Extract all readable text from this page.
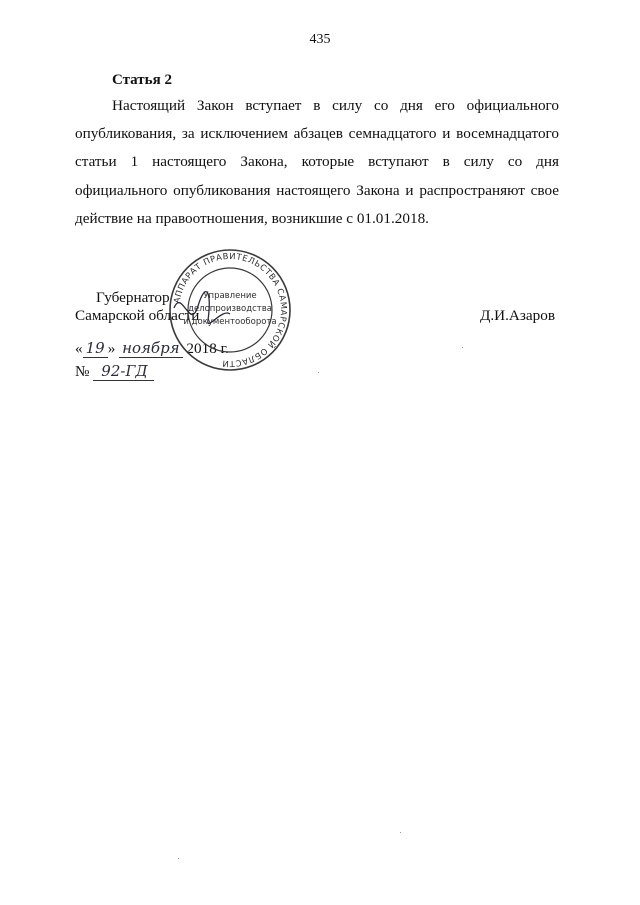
435
Статья 2

Настоящий Закон вступает в силу со дня его официального опубликования, за исключением абзацев семнадцатого и восемнадцатого статьи 1 настоящего Закона, которые вступают в силу со дня официального опубликования настоящего Закона и распространяют свое действие на правоотношения, возникшие с 01.01.2018.

Губернатор
Самарской области	Д.И.Азаров
« 19 » ноября 2018 г.
№ 92-ГД
АППАРАТ ПРАВИТЕЛЬСТВА САМАРСКОЙ ОБЛАСТИ
Управление
делопроизводства
и документооборота
